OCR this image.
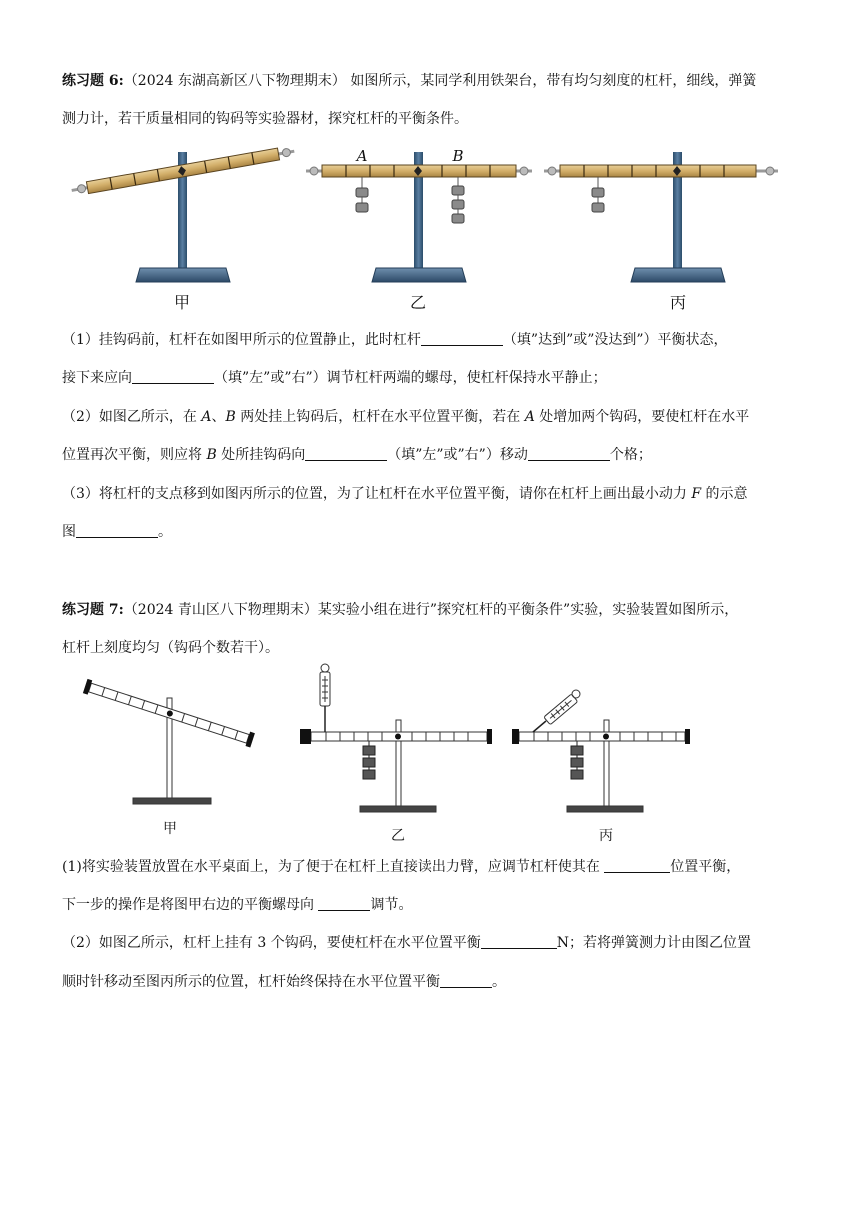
练习题 6:（2024 东湖高新区八下物理期末） 如图所示，某同学利用铁架台，带有均匀刻度的杠杆，细线，弹簧
测力计，若干质量相同的钩码等实验器材，探究杠杆的平衡条件。
A	B
甲	乙	丙
（1）挂钩码前，杠杆在如图甲所示的位置静止，此时杠杆	（填”达到”或”没达到”）平衡状态，
接下来应向	（填”左”或”右”）调节杠杆两端的螺母，使杠杆保持水平静止；
（2）如图乙所示，在 A、B 两处挂上钩码后，杠杆在水平位置平衡，若在 A 处增加两个钩码，要使杠杆在水平
位置再次平衡，则应将 B 处所挂钩码向	（填”左”或”右”）移动	个格；
（3）将杠杆的支点移到如图丙所示的位置，为了让杠杆在水平位置平衡，请你在杠杆上画出最小动力 F 的示意
图	。
练习题 7:（2024 青山区八下物理期末）某实验小组在进行”探究杠杆的平衡条件”实验，实验装置如图所示，
杠杆上刻度均匀（钩码个数若干）。
甲	乙	丙
(1)将实验装置放置在水平桌面上，为了便于在杠杆上直接读出力臂，应调节杠杆使其在	位置平衡，
下一步的操作是将图甲右边的平衡螺母向	调节。
（2）如图乙所示，杠杆上挂有 3 个钩码，要使杠杆在水平位置平衡	N；若将弹簧测力计由图乙位置
顺时针移动至图丙所示的位置，杠杆始终保持在水平位置平衡	。
